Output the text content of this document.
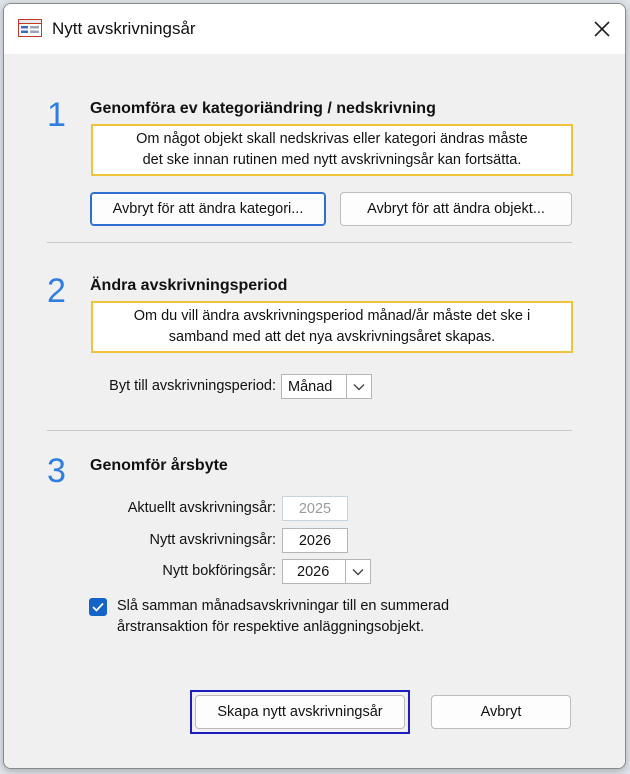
Nytt avskrivningsår
1 Genomföra ev kategoriändring / nedskrivning
Om något objekt skall nedskrivas eller kategori ändras måste
det ske innan rutinen med nytt avskrivningsår kan fortsätta.
Avbryt för att ändra kategori...	Avbryt för att ändra objekt...
2 Ändra avskrivningsperiod
Om du vill ändra avskrivningsperiod månad/år måste det ske i
samband med att det nya avskrivningsåret skapas.
Byt till avskrivningsperiod: Månad
3 Genomför årsbyte
Aktuellt avskrivningsår: 2025
Nytt avskrivningsår: 2026
Nytt bokföringsår: 2026
Slå samman månadsavskrivningar till en summerad
årstransaktion för respektive anläggningsobjekt.
Skapa nytt avskrivningsår	Avbryt
